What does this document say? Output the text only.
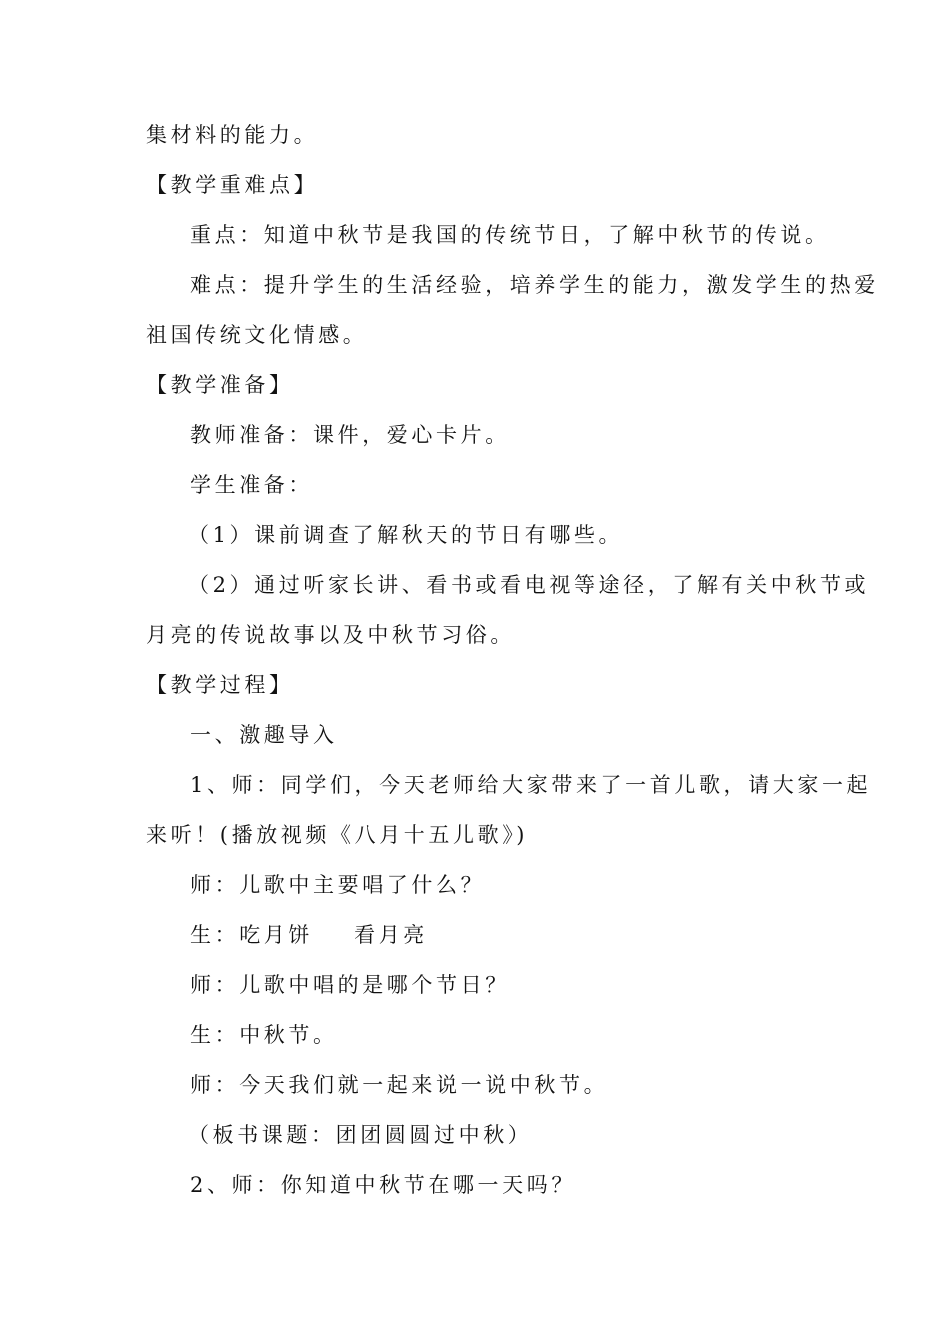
集材料的能力。
【教学重难点】
重点：知道中秋节是我国的传统节日，了解中秋节的传说。
难点：提升学生的生活经验，培养学生的能力，激发学生的热爱
祖国传统文化情感。
【教学准备】
教师准备：课件，爱心卡片。
学生准备：
（1）课前调查了解秋天的节日有哪些。
（2）通过听家长讲、看书或看电视等途径，了解有关中秋节或
月亮的传说故事以及中秋节习俗。
【教学过程】
一、激趣导入
1、师：同学们，今天老师给大家带来了一首儿歌，请大家一起
来听！(播放视频《八月十五儿歌》)
师：儿歌中主要唱了什么？
生：吃月饼    看月亮
师：儿歌中唱的是哪个节日？
生：中秋节。
师：今天我们就一起来说一说中秋节。
（板书课题：团团圆圆过中秋）
2、师：你知道中秋节在哪一天吗？
